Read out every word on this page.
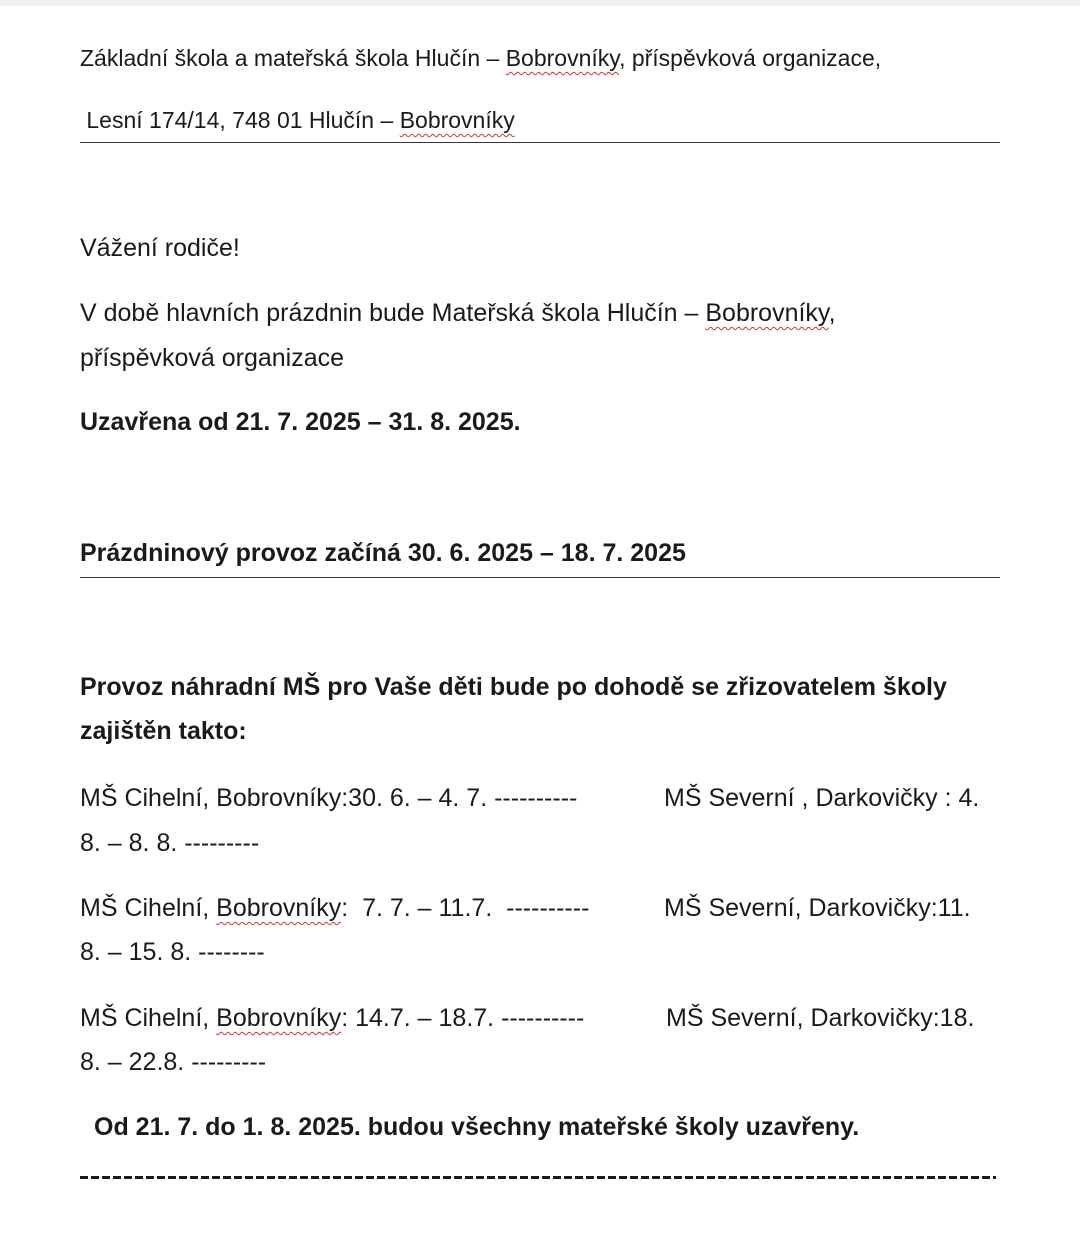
Základní škola a mateřská škola Hlučín – Bobrovníky, příspěvková organizace,
Lesní 174/14, 748 01 Hlučín – Bobrovníky
Vážení rodiče!
V době hlavních prázdnin bude Mateřská škola Hlučín – Bobrovníky,
příspěvková organizace
Uzavřena od 21. 7. 2025 – 31. 8. 2025.
Prázdninový provoz začíná 30. 6. 2025 – 18. 7. 2025
Provoz náhradní MŠ pro Vaše děti bude po dohodě se zřizovatelem školy
zajištěn takto:
MŠ Cihelní, Bobrovníky:30. 6. – 4. 7. ----------	MŠ Severní , Darkovičky : 4.
8. – 8. 8. ---------
MŠ Cihelní, Bobrovníky:  7. 7. – 11.7.  ----------	MŠ Severní, Darkovičky:11.
8. – 15. 8. --------
MŠ Cihelní, Bobrovníky: 14.7. – 18.7. ----------	MŠ Severní, Darkovičky:18.
8. – 22.8. ---------
Od 21. 7. do 1. 8. 2025. budou všechny mateřské školy uzavřeny.
